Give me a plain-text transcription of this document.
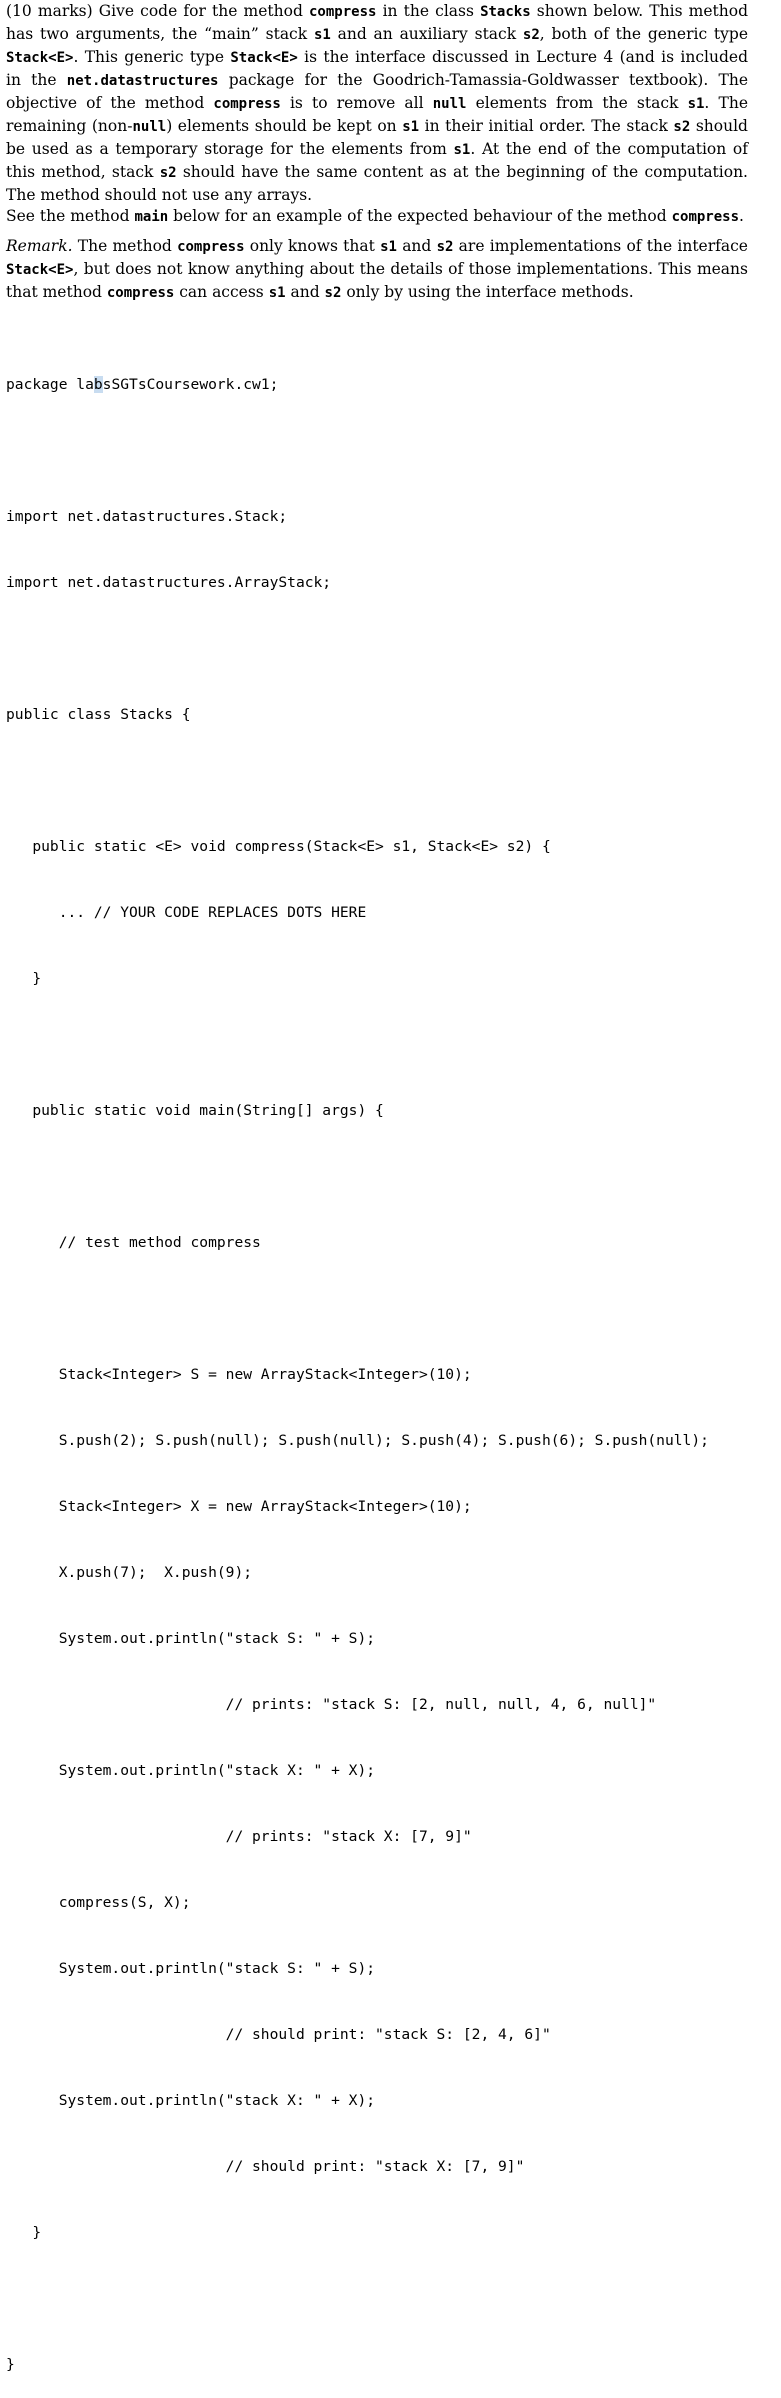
(10 marks) Give code for the method compress in the class Stacks shown below. This method has two arguments, the “main” stack s1 and an auxiliary stack s2, both of the generic type Stack<E>. This generic type Stack<E> is the interface discussed in Lecture 4 (and is included in the net.datastructures package for the Goodrich-Tamassia-Goldwasser textbook). The objective of the method compress is to remove all null elements from the stack s1. The remaining (non-null) elements should be kept on s1 in their initial order. The stack s2 should be used as a temporary storage for the elements from s1. At the end of the computation of this method, stack s2 should have the same content as at the beginning of the computation. The method should not use any arrays.

See the method main below for an example of the expected behaviour of the method compress.

Remark. The method compress only knows that s1 and s2 are implementations of the interface Stack<E>, but does not know anything about the details of those implementations. This means that method compress can access s1 and s2 only by using the interface methods.

package labsSGTsCoursework.cw1;

import net.datastructures.Stack;

import net.datastructures.ArrayStack;

public class Stacks {

public static <E> void compress(Stack<E> s1, Stack<E> s2) {

... // YOUR CODE REPLACES DOTS HERE

}

public static void main(String[] args) {

// test method compress

Stack<Integer> S = new ArrayStack<Integer>(10);

S.push(2); S.push(null); S.push(null); S.push(4); S.push(6); S.push(null);

Stack<Integer> X = new ArrayStack<Integer>(10);

X.push(7);  X.push(9);

System.out.println("stack S: " + S);

// prints: "stack S: [2, null, null, 4, 6, null]"

System.out.println("stack X: " + X);

// prints: "stack X: [7, 9]"

compress(S, X);

System.out.println("stack S: " + S);

// should print: "stack S: [2, 4, 6]"

System.out.println("stack X: " + X);

// should print: "stack X: [7, 9]"

}

}
